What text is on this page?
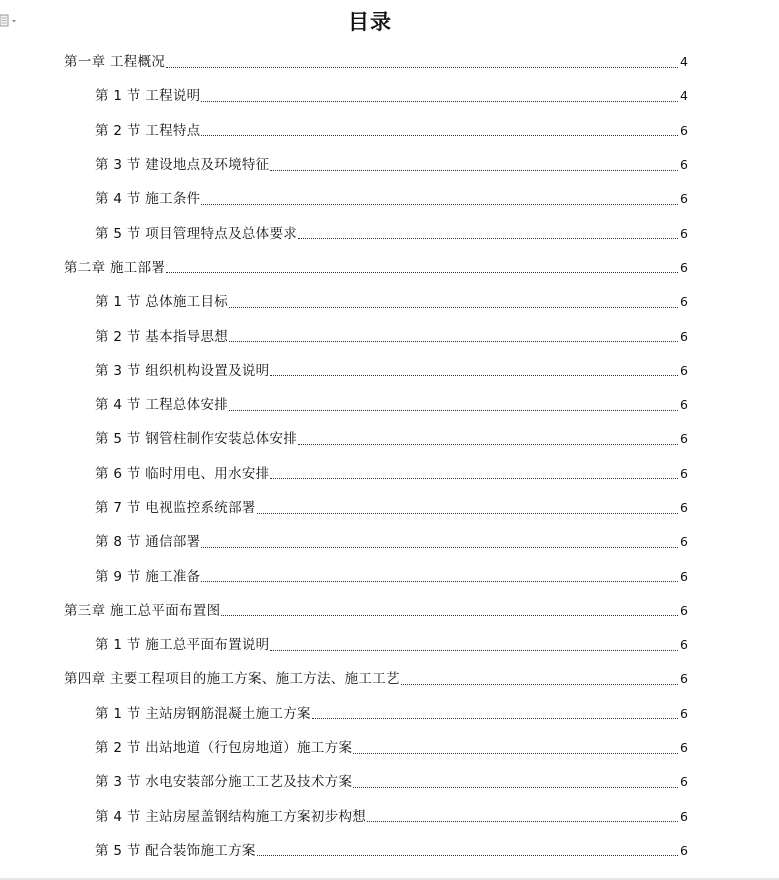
目录
第一章 工程概况	4
第 1 节 工程说明	4
第 2 节 工程特点	6
第 3 节 建设地点及环境特征	6
第 4 节 施工条件	6
第 5 节 项目管理特点及总体要求	6
第二章 施工部署	6
第 1 节 总体施工目标	6
第 2 节 基本指导思想	6
第 3 节 组织机构设置及说明	6
第 4 节 工程总体安排	6
第 5 节 钢管柱制作安装总体安排	6
第 6 节 临时用电、用水安排	6
第 7 节 电视监控系统部署	6
第 8 节 通信部署	6
第 9 节 施工准备	6
第三章 施工总平面布置图	6
第 1 节 施工总平面布置说明	6
第四章 主要工程项目的施工方案、施工方法、施工工艺	6
第 1 节 主站房钢筋混凝土施工方案	6
第 2 节 出站地道（行包房地道）施工方案	6
第 3 节 水电安装部分施工工艺及技术方案	6
第 4 节 主站房屋盖钢结构施工方案初步构想	6
第 5 节 配合装饰施工方案	6
